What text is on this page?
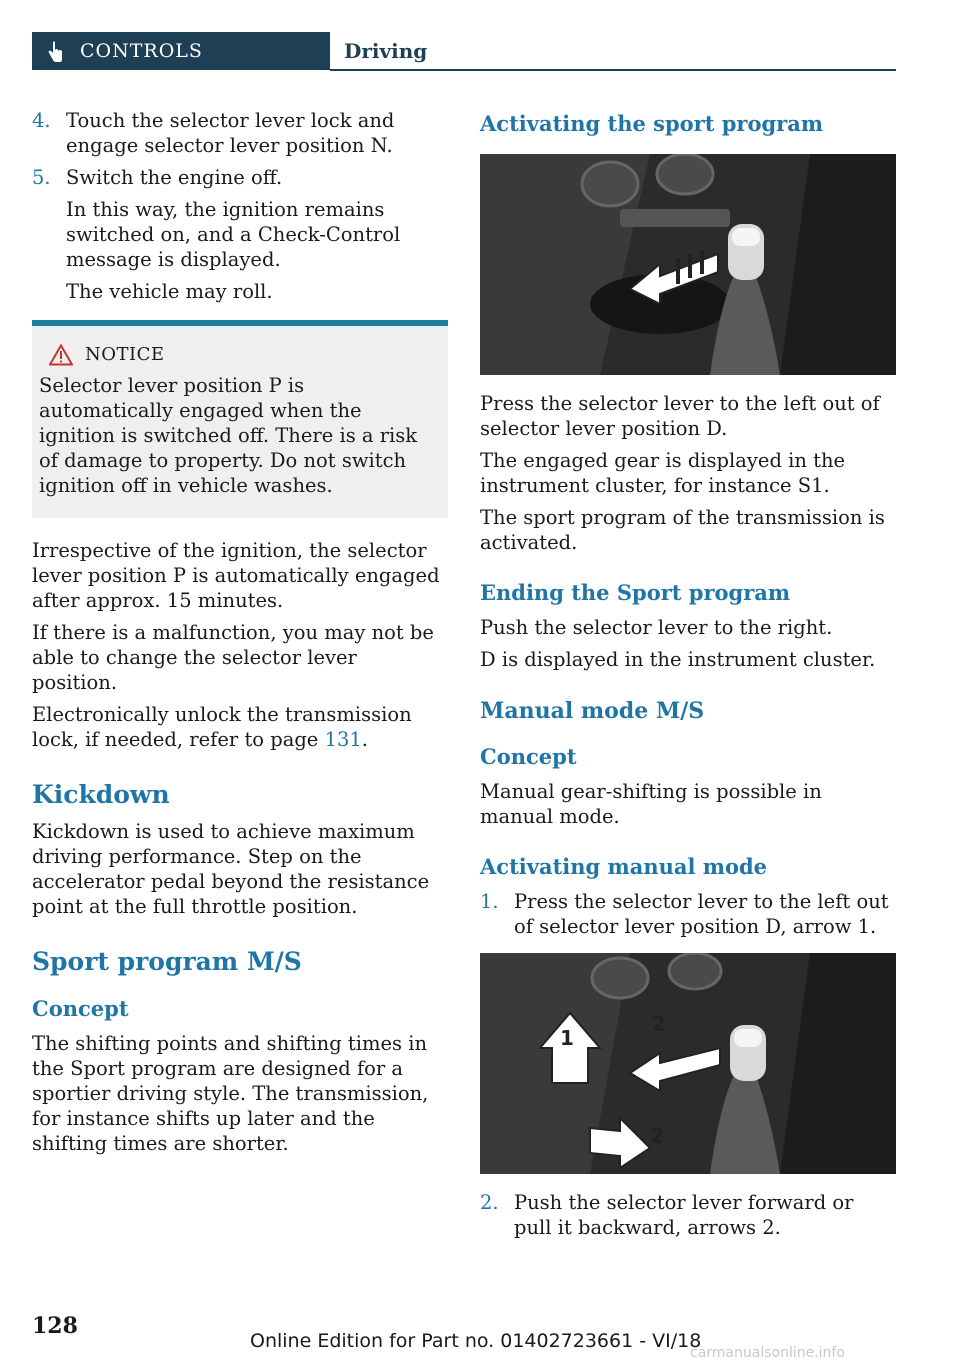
CONTROLS	Driving
4. Touch the selector lever lock and engage selector lever position N.
5. Switch the engine off.

In this way, the ignition remains switched on, and a Check-Control message is displayed.

The vehicle may roll.

NOTICE
Selector lever position P is automatically engaged when the ignition is switched off. There is a risk of damage to property. Do not switch ignition off in vehicle washes.

Irrespective of the ignition, the selector lever position P is automatically engaged after approx. 15 minutes.

If there is a malfunction, you may not be able to change the selector lever position.

Electronically unlock the transmission lock, if needed, refer to page 131.

Kickdown

Kickdown is used to achieve maximum driving performance. Step on the accelerator pedal beyond the resistance point at the full throttle position.

Sport program M/S
Concept

The shifting points and shifting times in the Sport program are designed for a sportier driving style. The transmission, for instance shifts up later and the shifting times are shorter.

Activating the sport program

Press the selector lever to the left out of selector lever position D.

The engaged gear is displayed in the instrument cluster, for instance S1.

The sport program of the transmission is activated.

Ending the Sport program

Push the selector lever to the right.

D is displayed in the instrument cluster.

Manual mode M/S
Concept

Manual gear-shifting is possible in manual mode.

Activating manual mode
1. Press the selector lever to the left out of selector lever position D, arrow 1.
1
2
2
2. Push the selector lever forward or pull it backward, arrows 2.
128
Online Edition for Part no. 01402723661 - VI/18
carmanualsonline.info
